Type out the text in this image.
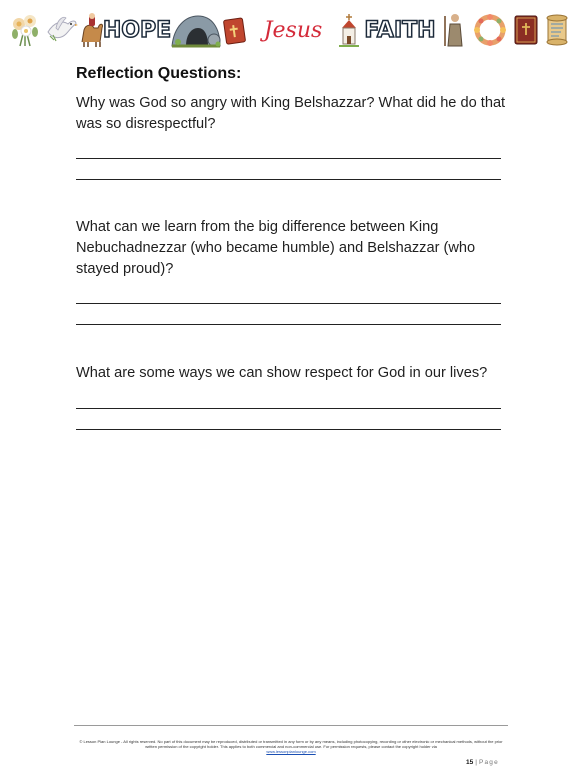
HOPE	Jesus	FAITH
Reflection Questions:

Why was God so angry with King Belshazzar? What did he do that was so disrespectful?

What can we learn from the big difference between King Nebuchadnezzar (who became humble) and Belshazzar (who stayed proud)?

What are some ways we can show respect for God in our lives?

© Lesson Plan Lounge - All rights reserved. No part of this document may be reproduced, distributed or transmitted in any form or by any means, including photocopying, recording or other electronic or mechanical methods, without the prior written permission of the copyright holder. This applies to both commercial and non-commercial use. For permission requests, please contact the copyright holder via
www.lessonplanlounge.com

15 | Page
